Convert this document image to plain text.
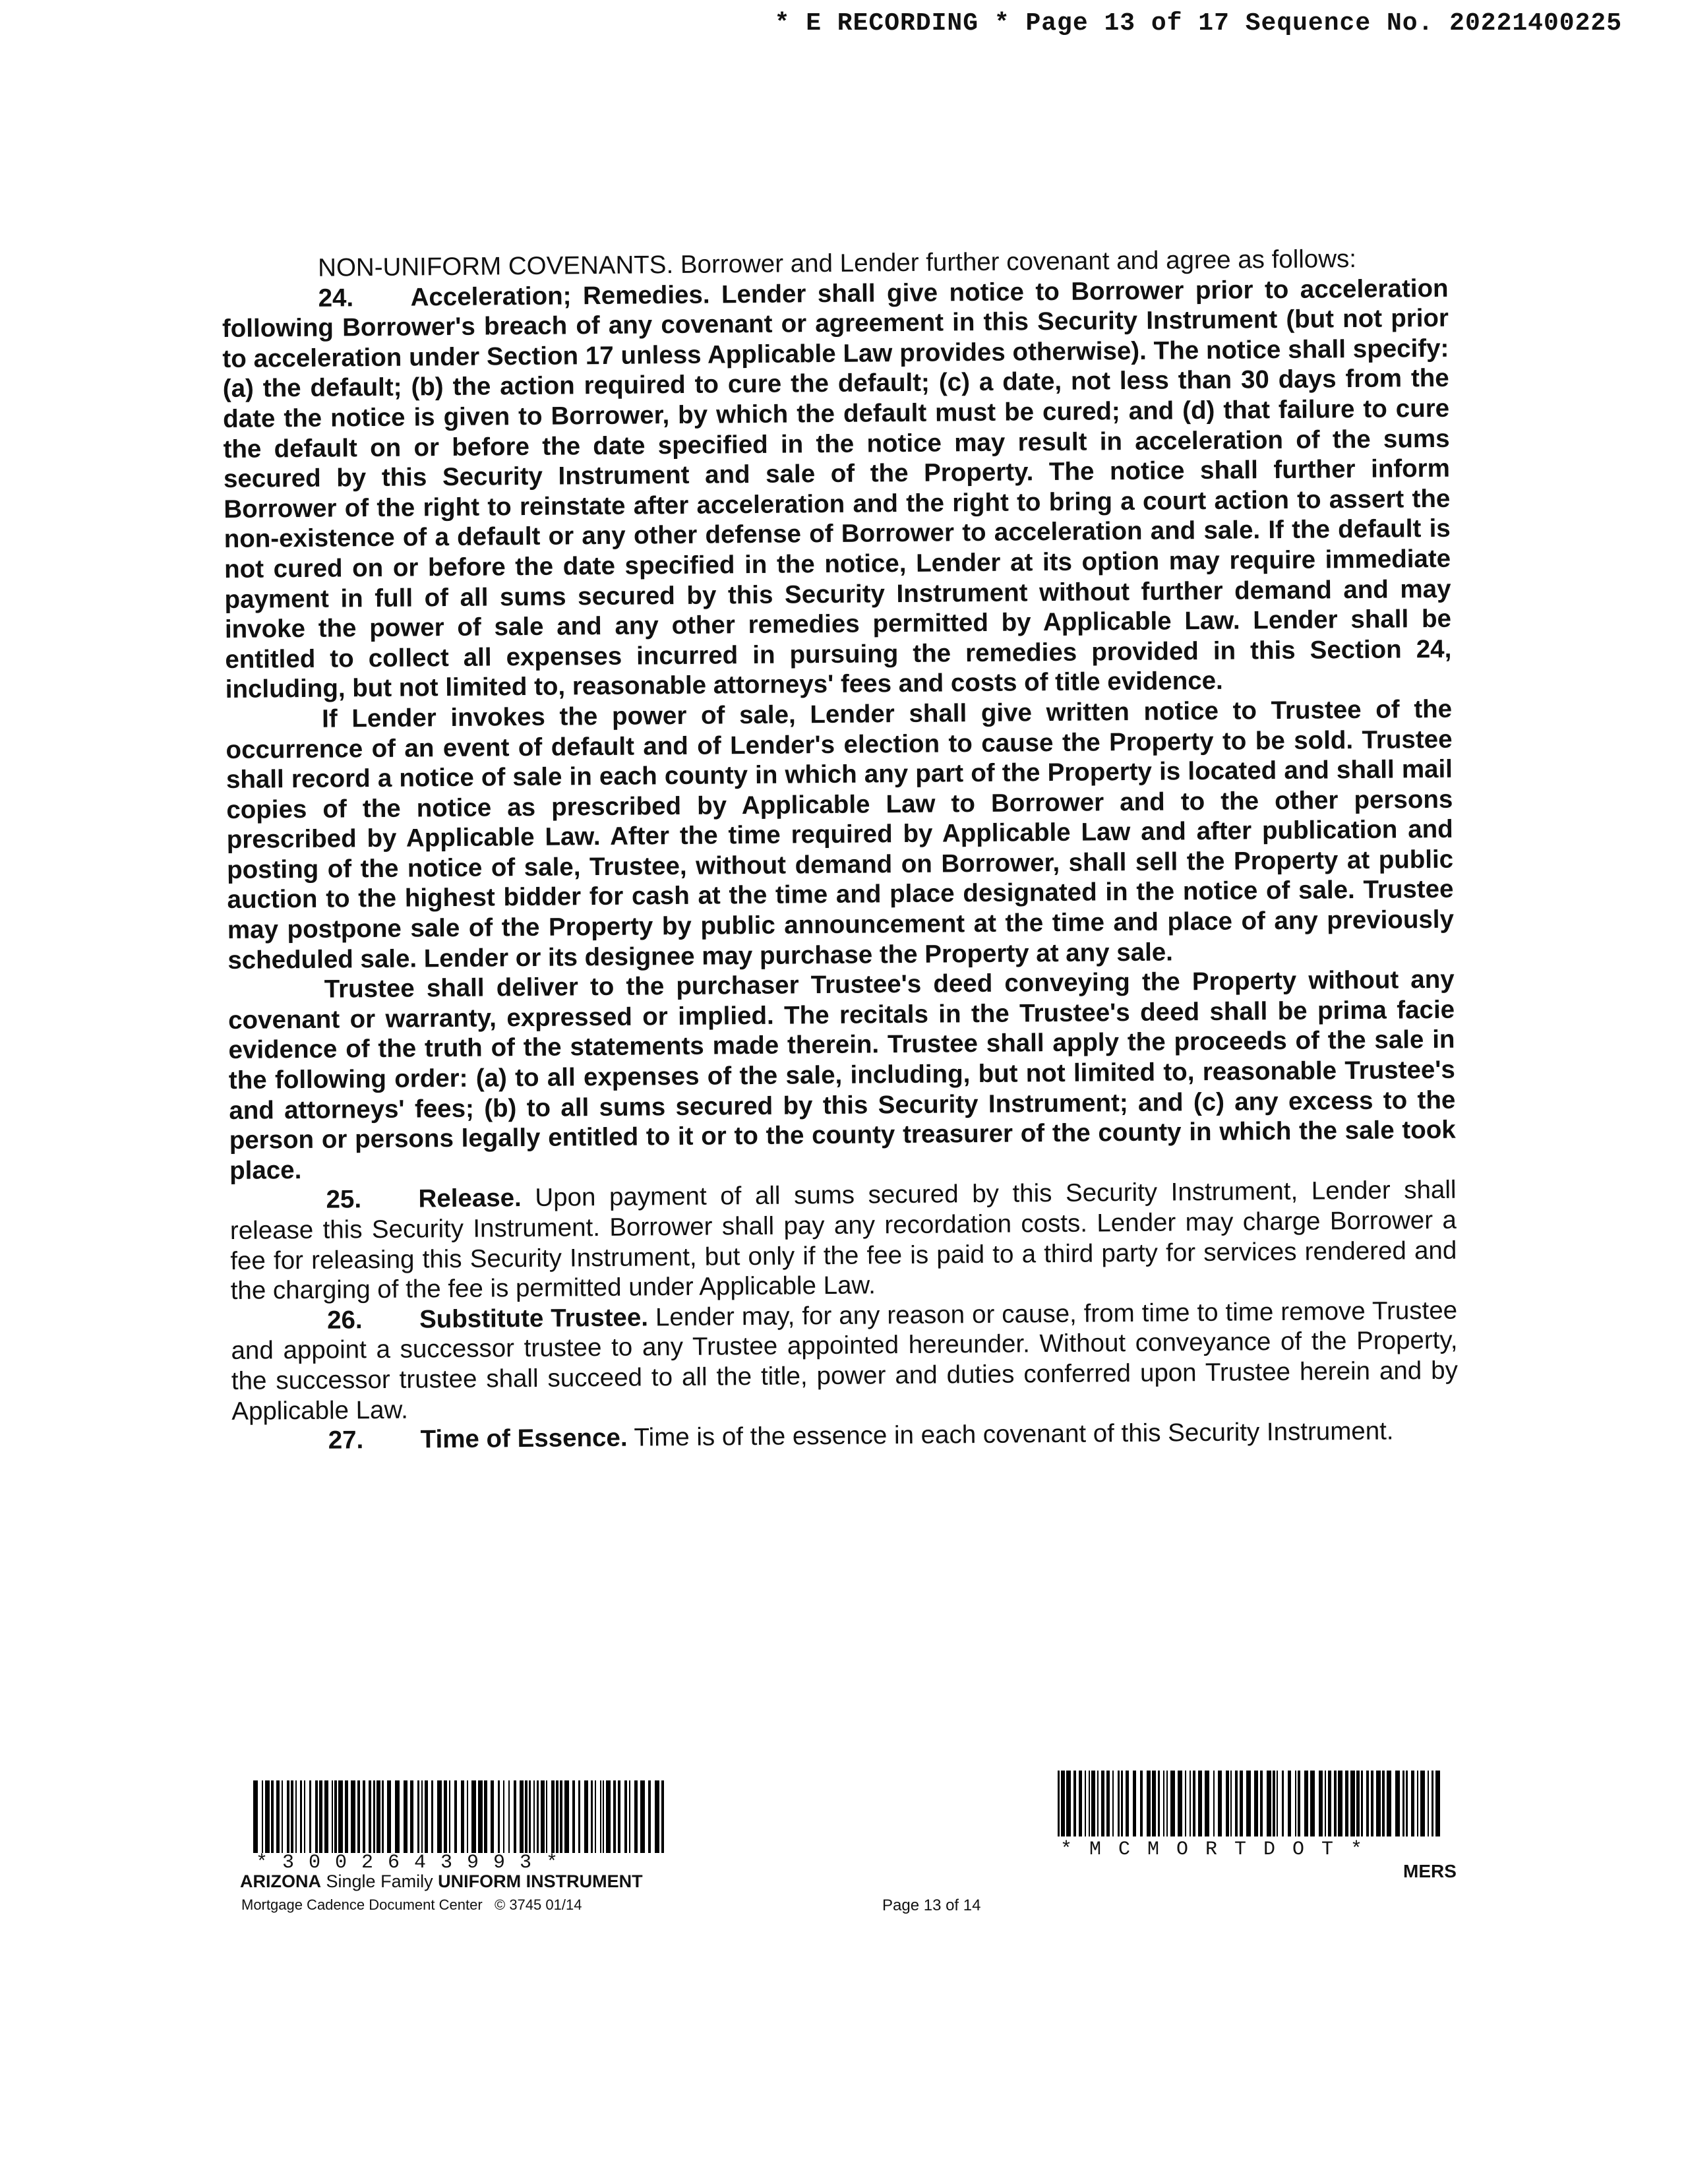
* E RECORDING * Page 13 of 17 Sequence No. 20221400225

NON-UNIFORM COVENANTS. Borrower and Lender further covenant and agree as follows:

24. Acceleration; Remedies. Lender shall give notice to Borrower prior to acceleration following Borrower's breach of any covenant or agreement in this Security Instrument (but not prior to acceleration under Section 17 unless Applicable Law provides otherwise). The notice shall specify: (a) the default; (b) the action required to cure the default; (c) a date, not less than 30 days from the date the notice is given to Borrower, by which the default must be cured; and (d) that failure to cure the default on or before the date specified in the notice may result in acceleration of the sums secured by this Security Instrument and sale of the Property. The notice shall further inform Borrower of the right to reinstate after acceleration and the right to bring a court action to assert the non-existence of a default or any other defense of Borrower to acceleration and sale. If the default is not cured on or before the date specified in the notice, Lender at its option may require immediate payment in full of all sums secured by this Security Instrument without further demand and may invoke the power of sale and any other remedies permitted by Applicable Law. Lender shall be entitled to collect all expenses incurred in pursuing the remedies provided in this Section 24, including, but not limited to, reasonable attorneys' fees and costs of title evidence.

If Lender invokes the power of sale, Lender shall give written notice to Trustee of the occurrence of an event of default and of Lender's election to cause the Property to be sold. Trustee shall record a notice of sale in each county in which any part of the Property is located and shall mail copies of the notice as prescribed by Applicable Law to Borrower and to the other persons prescribed by Applicable Law. After the time required by Applicable Law and after publication and posting of the notice of sale, Trustee, without demand on Borrower, shall sell the Property at public auction to the highest bidder for cash at the time and place designated in the notice of sale. Trustee may postpone sale of the Property by public announcement at the time and place of any previously scheduled sale. Lender or its designee may purchase the Property at any sale.

Trustee shall deliver to the purchaser Trustee's deed conveying the Property without any covenant or warranty, expressed or implied. The recitals in the Trustee's deed shall be prima facie evidence of the truth of the statements made therein. Trustee shall apply the proceeds of the sale in the following order: (a) to all expenses of the sale, including, but not limited to, reasonable Trustee's and attorneys' fees; (b) to all sums secured by this Security Instrument; and (c) any excess to the person or persons legally entitled to it or to the county treasurer of the county in which the sale took place.

25. Release. Upon payment of all sums secured by this Security Instrument, Lender shall release this Security Instrument. Borrower shall pay any recordation costs. Lender may charge Borrower a fee for releasing this Security Instrument, but only if the fee is paid to a third party for services rendered and the charging of the fee is permitted under Applicable Law.

26. Substitute Trustee. Lender may, for any reason or cause, from time to time remove Trustee and appoint a successor trustee to any Trustee appointed hereunder. Without conveyance of the Property, the successor trustee shall succeed to all the title, power and duties conferred upon Trustee herein and by Applicable Law.

27. Time of Essence. Time is of the essence in each covenant of this Security Instrument.

*3002643993*
*MCMORTDOT*
MERS
ARIZONA Single Family UNIFORM INSTRUMENT
Mortgage Cadence Document Center © 3745 01/14	Page 13 of 14
